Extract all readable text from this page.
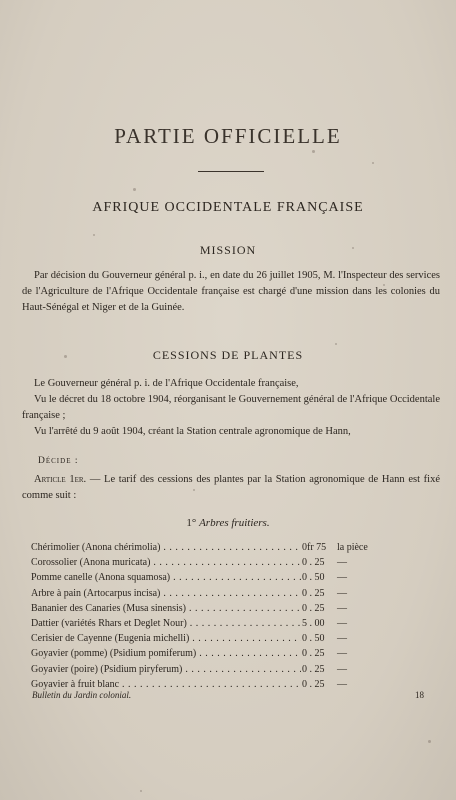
PARTIE OFFICIELLE
AFRIQUE OCCIDENTALE FRANÇAISE
MISSION

Par décision du Gouverneur général p. i., en date du 26 juillet 1905, M. l'Inspecteur des services de l'Agriculture de l'Afrique Occidentale française est chargé d'une mission dans les colonies du Haut-Sénégal et Niger et de la Guinée.

CESSIONS DE PLANTES

Le Gouverneur général p. i. de l'Afrique Occidentale française,

Vu le décret du 18 octobre 1904, réorganisant le Gouvernement général de l'Afrique Occidentale française ;

Vu l'arrêté du 9 août 1904, créant la Station centrale agronomique de Hann,

Décide :

Article 1er. — Le tarif des cessions des plantes par la Station agronomique de Hann est fixé comme suit :

1° Arbres fruitiers.
Chérimolier (Anona chérimolia) . . .	0fr 75	la pièce
Corossolier (Anona muricata) . . .	0 . 25	—
Pomme canelle (Anona squamosa) . . .	0 . 50	—
Arbre à pain (Artocarpus incisa) . . .	0 . 25	—
Bananier des Canaries (Musa sinensis) . . .	0 . 25	—
Dattier (variétés Rhars et Deglet Nour) . . .	5 . 00	—
Cerisier de Cayenne (Eugenia michelli) . . .	0 . 50	—
Goyavier (pomme) (Psidium pomiferum) . . .	0 . 25	—
Goyavier (poire) (Psidium piryferum) . . .	0 . 25	—
Goyavier à fruit blanc . . .	0 . 25	—
Bulletin du Jardin colonial.	18
